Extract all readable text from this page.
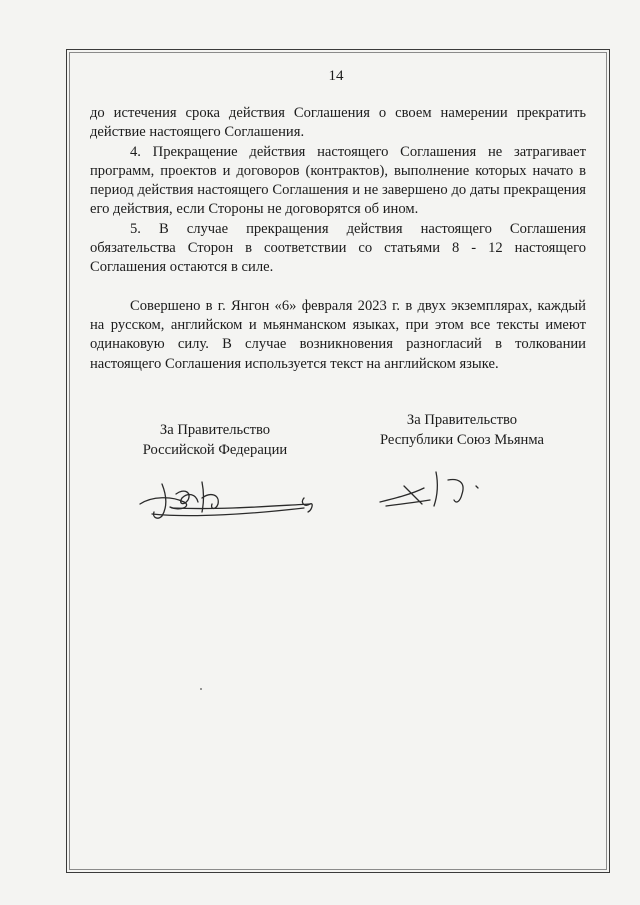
14

до истечения срока действия Соглашения о своем намерении прекратить действие настоящего Соглашения.

4. Прекращение действия настоящего Соглашения не затрагивает программ, проектов и договоров (контрактов), выполнение которых начато в период действия настоящего Соглашения и не завершено до даты прекращения его действия, если Стороны не договорятся об ином.

5. В случае прекращения действия настоящего Соглашения обязательства Сторон в соответствии со статьями 8 - 12 настоящего Соглашения остаются в силе.

Совершено в г. Янгон «6» февраля 2023 г. в двух экземплярах, каждый на русском, английском и мьянманском языках, при этом все тексты имеют одинаковую силу. В случае возникновения разногласий в толковании настоящего Соглашения используется текст на английском языке.

За Правительство
Российской Федерации
За Правительство
Республики Союз Мьянма
